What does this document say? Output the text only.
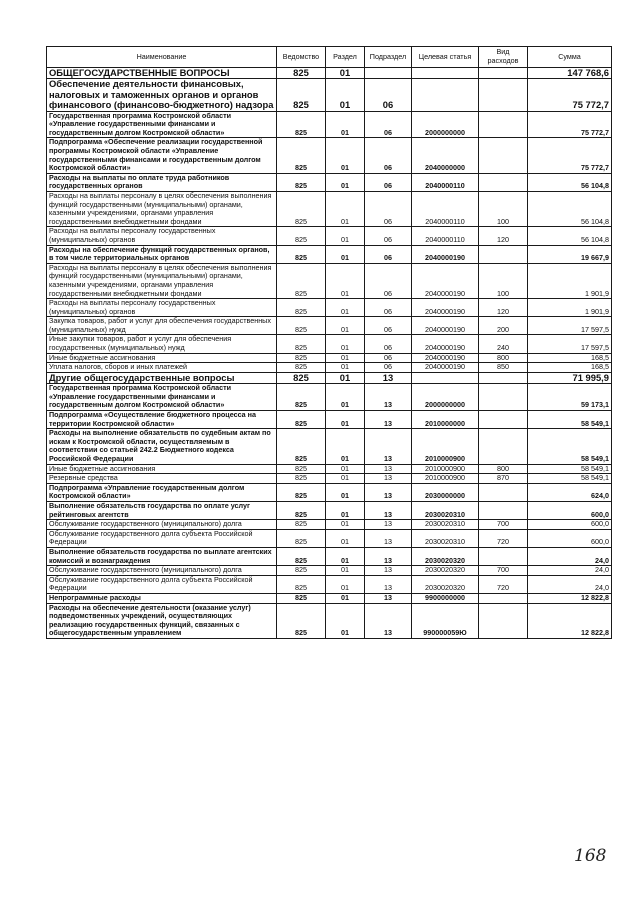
Наименование	Ведомство	Раздел	Подраздел	Целевая статья	Вид расходов	Сумма
ОБЩЕГОСУДАРСТВЕННЫЕ ВОПРОСЫ	825	01				147 768,6
Обеспечение деятельности финансовых, налоговых и таможенных органов и органов финансового (финансово-бюджетного) надзора	825	01	06			75 772,7
Государственная программа Костромской области «Управление государственными финансами и государственным долгом Костромской области»	825	01	06	2000000000		75 772,7
Подпрограмма «Обеспечение реализации государственной программы Костромской области «Управление государственными финансами и государственным долгом Костромской области»	825	01	06	2040000000		75 772,7
Расходы на выплаты по оплате труда работников государственных органов	825	01	06	2040000110		56 104,8
Расходы на выплаты персоналу в целях обеспечения выполнения функций государственными (муниципальными) органами, казенными учреждениями, органами управления государственными внебюджетными фондами	825	01	06	2040000110	100	56 104,8
Расходы на выплаты персоналу государственных (муниципальных) органов	825	01	06	2040000110	120	56 104,8
Расходы на обеспечение функций государственных органов, в том числе территориальных органов	825	01	06	2040000190		19 667,9
Расходы на выплаты персоналу в целях обеспечения выполнения функций государственными (муниципальными) органами, казенными учреждениями, органами управления государственными внебюджетными фондами	825	01	06	2040000190	100	1 901,9
Расходы на выплаты персоналу государственных (муниципальных) органов	825	01	06	2040000190	120	1 901,9
Закупка товаров, работ и услуг для обеспечения государственных (муниципальных) нужд	825	01	06	2040000190	200	17 597,5
Иные закупки товаров, работ и услуг для обеспечения государственных (муниципальных) нужд	825	01	06	2040000190	240	17 597,5
Иные бюджетные ассигнования	825	01	06	2040000190	800	168,5
Уплата налогов, сборов и иных платежей	825	01	06	2040000190	850	168,5
Другие общегосударственные вопросы	825	01	13			71 995,9
Государственная программа Костромской области «Управление государственными финансами и государственным долгом Костромской области»	825	01	13	2000000000		59 173,1
Подпрограмма «Осуществление бюджетного процесса на территории Костромской области»	825	01	13	2010000000		58 549,1
Расходы на выполнение обязательств по судебным актам по искам к Костромской области, осуществляемым в соответствии со статьей 242.2 Бюджетного кодекса Российской Федерации	825	01	13	2010000900		58 549,1
Иные бюджетные ассигнования	825	01	13	2010000900	800	58 549,1
Резервные средства	825	01	13	2010000900	870	58 549,1
Подпрограмма «Управление государственным долгом Костромской области»	825	01	13	2030000000		624,0
Выполнение обязательств государства по оплате услуг рейтинговых агентств	825	01	13	2030020310		600,0
Обслуживание государственного (муниципального) долга	825	01	13	2030020310	700	600,0
Обслуживание государственного долга субъекта Российской Федерации	825	01	13	2030020310	720	600,0
Выполнение обязательств государства по выплате агентских комиссий и вознаграждения	825	01	13	2030020320		24,0
Обслуживание государственного (муниципального) долга	825	01	13	2030020320	700	24,0
Обслуживание государственного долга субъекта Российской Федерации	825	01	13	2030020320	720	24,0
Непрограммные расходы	825	01	13	9900000000		12 822,8
Расходы на обеспечение деятельности (оказание услуг) подведомственных учреждений, осуществляющих реализацию государственных функций, связанных с общегосударственным управлением	825	01	13	990000059Ю		12 822,8
168
